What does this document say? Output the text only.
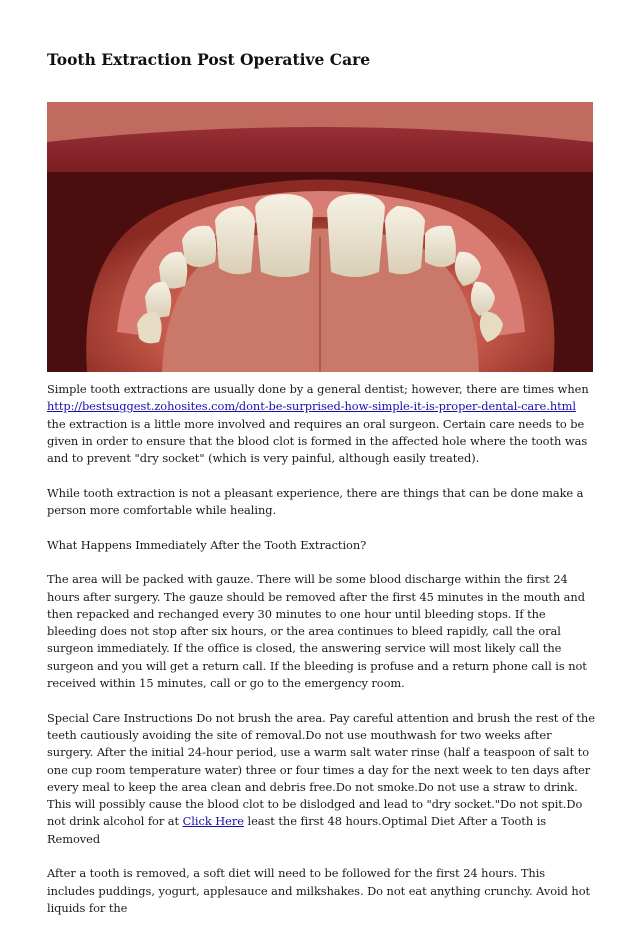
Tooth Extraction Post Operative Care

Simple tooth extractions are usually done by a general dentist; however, there are times when
http://bestsuggest.zohosites.com/dont-be-surprised-how-simple-it-is-proper-dental-care.html the extraction is a little more involved and requires an oral surgeon. Certain care needs to be given in order to ensure that the blood clot is formed in the affected hole where the tooth was and to prevent "dry socket" (which is very painful, although easily treated).

While tooth extraction is not a pleasant experience, there are things that can be done make a person more comfortable while healing.

What Happens Immediately After the Tooth Extraction?

The area will be packed with gauze. There will be some blood discharge within the first 24 hours after surgery. The gauze should be removed after the first 45 minutes in the mouth and then repacked and rechanged every 30 minutes to one hour until bleeding stops. If the bleeding does not stop after six hours, or the area continues to bleed rapidly, call the oral surgeon immediately. If the office is closed, the answering service will most likely call the surgeon and you will get a return call. If the bleeding is profuse and a return phone call is not received within 15 minutes, call or go to the emergency room.

Special Care Instructions Do not brush the area. Pay careful attention and brush the rest of the teeth cautiously avoiding the site of removal.Do not use mouthwash for two weeks after surgery. After the initial 24-hour period, use a warm salt water rinse (half a teaspoon of salt to one cup room temperature water) three or four times a day for the next week to ten days after every meal to keep the area clean and debris free.Do not smoke.Do not use a straw to drink. This will possibly cause the blood clot to be dislodged and lead to "dry socket."Do not spit.Do not drink alcohol for at Click Here least the first 48 hours.Optimal Diet After a Tooth is Removed

After a tooth is removed, a soft diet will need to be followed for the first 24 hours. This includes puddings, yogurt, applesauce and milkshakes. Do not eat anything crunchy. Avoid hot liquids for the
